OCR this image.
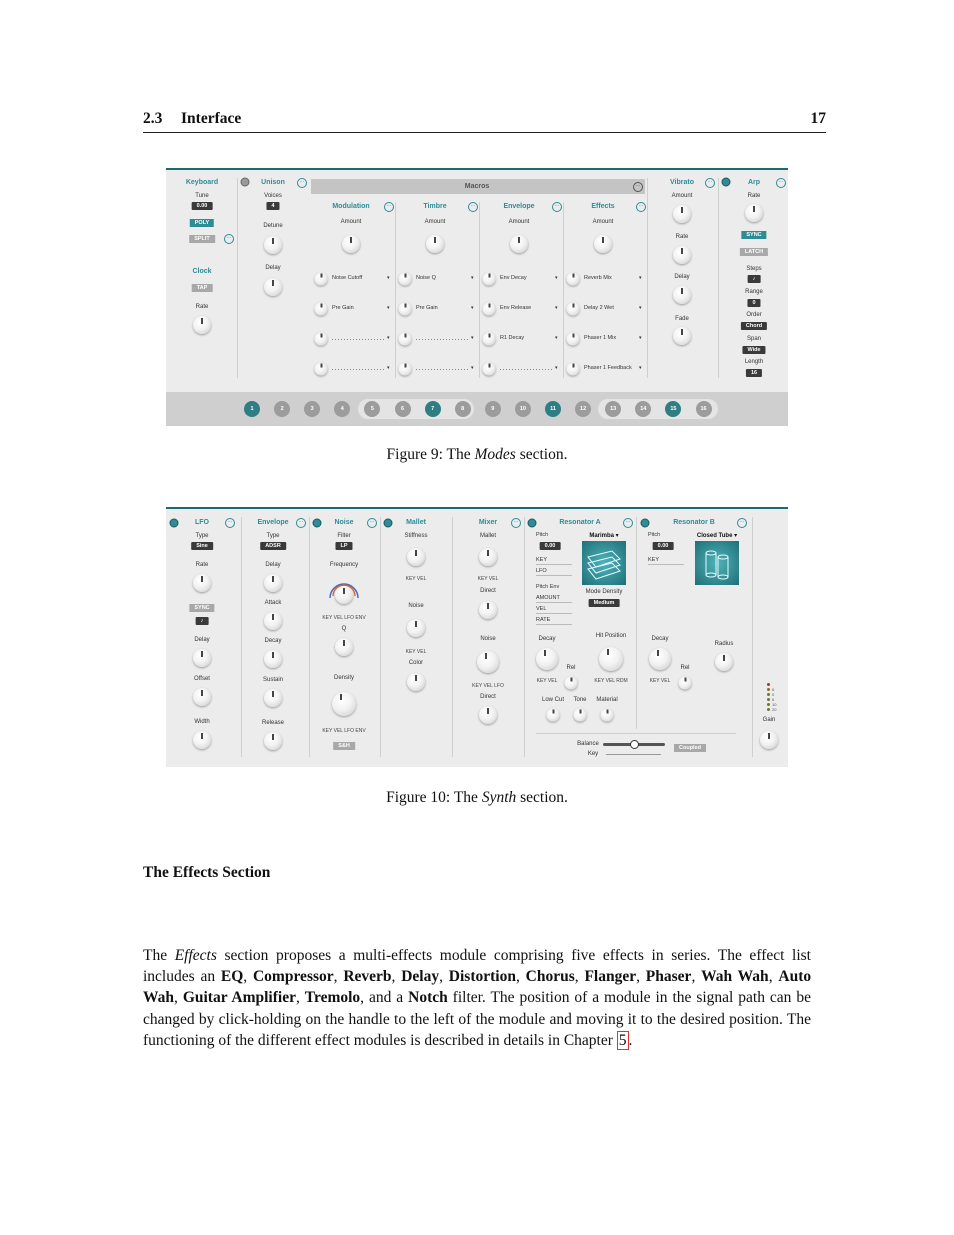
2.3 Interface	17
Keyboard
Tune
0.00
POLY
SPLIT	⋯
Clock
TAP
Rate
Unison	⋯
Voices
4
Detune
Delay
Macros	⋯
Modulation	⋯
Amount
Noise Cutoff	▾
Pre Gain	▾
▾
▾
Timbre	⋯
Amount
Noise Q	▾
Pre Gain	▾
▾
▾
Envelope	⋯
Amount
Env Decay	▾
Env Release	▾
R1 Decay	▾
▾
Effects	⋯
Amount
Reverb Mix	▾
Delay 2 Wet	▾
Phaser 1 Mix	▾
Phaser 1 Feedback ▾
Vibrato	⋯
Amount
Rate
Delay
Fade
Arp	⋯
Rate
SYNC
LATCH
Steps
♪
Range
0
Order
Chord
Span
Wide
Length
16
1	2	3	4	5	6	7	8	9	10	11	12	13	14	15	16
Figure 9: The Modes section.
LFO	⋯
Type
Sine
Rate
SYNC
♪
Delay
Offset
Width
Envelope	⋯
Type
ADSR
Delay
Attack
Decay
Sustain
Release
Noise	⋯
Filter
LP
Frequency
KEY VEL LFO ENV
Q
Density
KEY VEL LFO ENV
S&H
Mallet
Stiffness
KEY VEL
Noise
KEY VEL
Color
Mixer	⋯
Mallet
KEY VEL
Direct
Noise
KEY VEL LFO
Direct
Resonator A	⋯
Pitch
0.00
KEY
LFO
Pitch Env
AMOUNT
VEL
RATE
Marimba ▾
Mode Density
Medium
Decay
KEY VEL
Rel
Hit Position
KEY VEL RDM
Low Cut Tone Material
Resonator B	⋯
Pitch
0.00
KEY
Closed Tube ▾
Decay
KEY VEL
Rel
Radius
Balance
Key
Coupled
6
0
6
10
20
Gain
Figure 10: The Synth section.
The Effects Section
The Effects section proposes a multi-effects module comprising five effects in series. The effect list includes an EQ, Compressor, Reverb, Delay, Distortion, Chorus, Flanger, Phaser, Wah Wah, Auto Wah, Guitar Amplifier, Tremolo, and a Notch filter. The position of a module in the signal path can be changed by click-holding on the handle to the left of the module and moving it to the desired position. The functioning of the different effect modules is described in details in Chapter 5 .
